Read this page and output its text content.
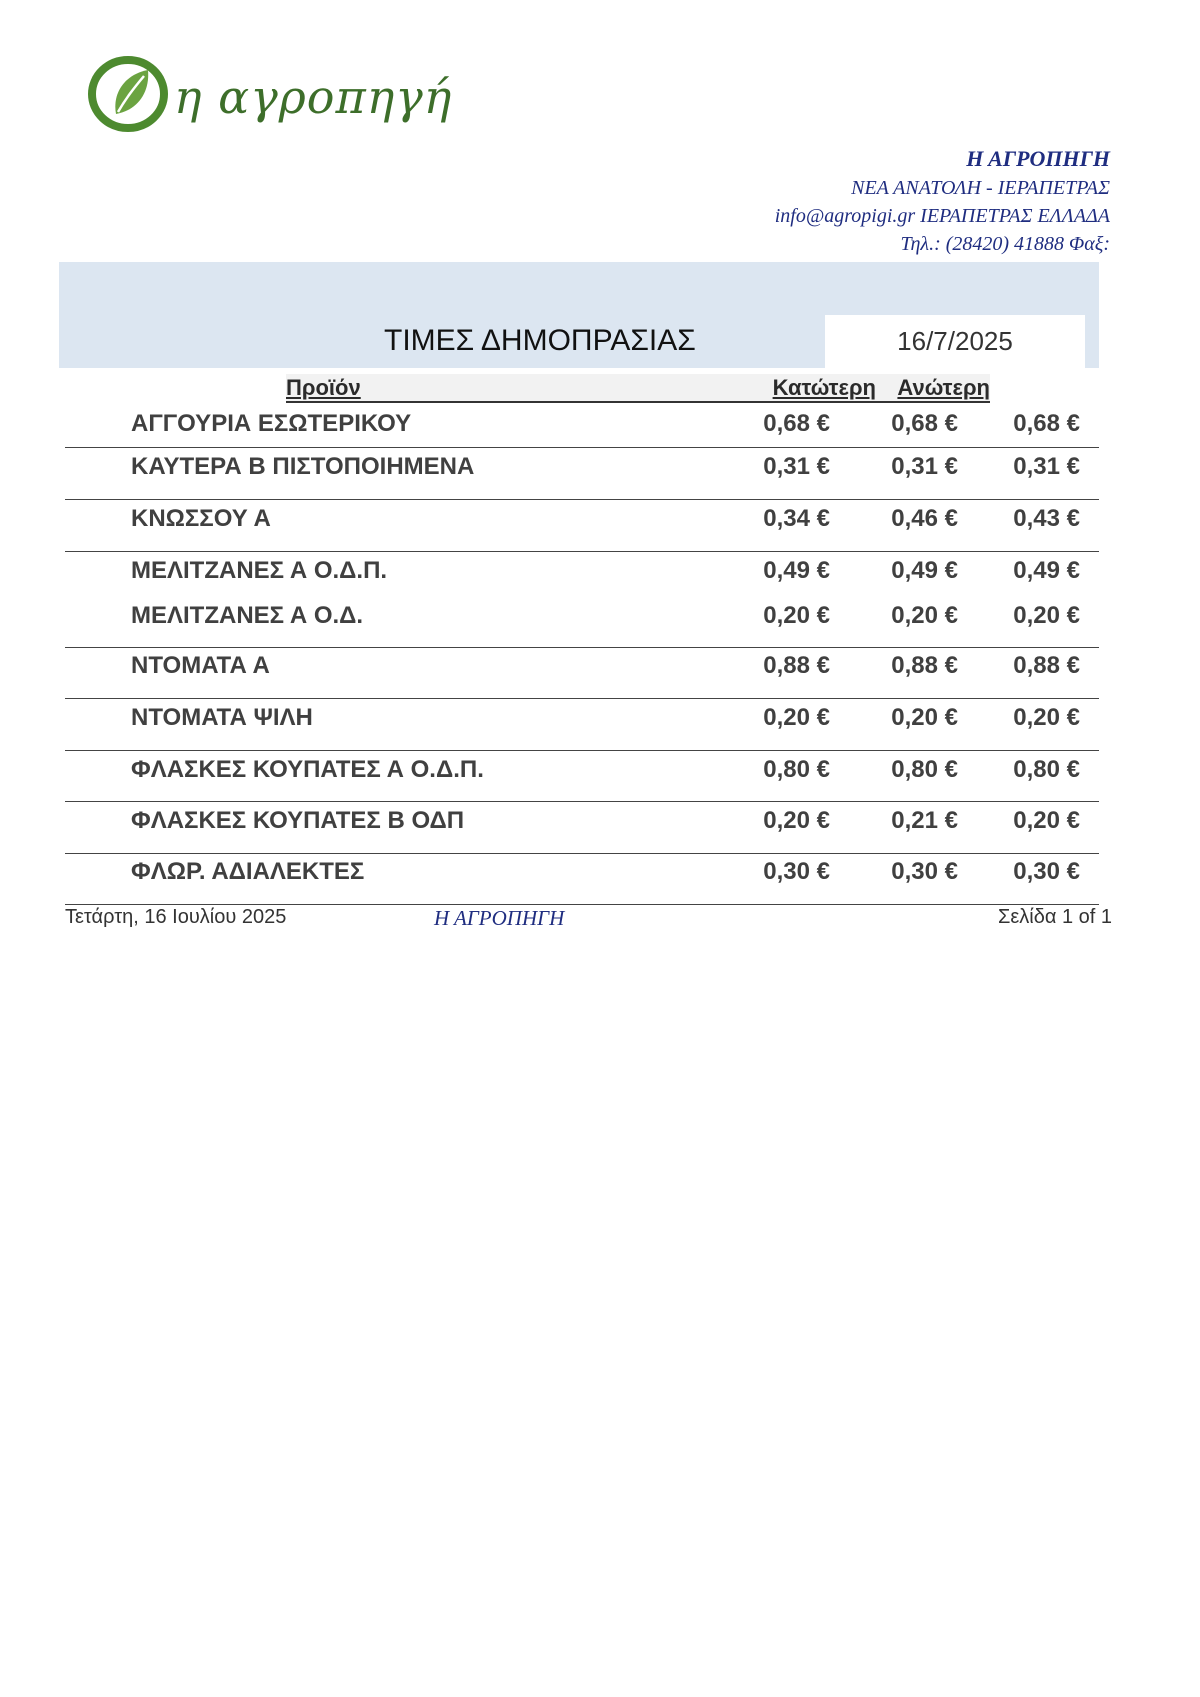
η αγροπηγή
Η ΑΓΡΟΠΗΓΗ
ΝΕΑ ΑΝΑΤΟΛΗ - ΙΕΡΑΠΕΤΡΑΣ
info@agropigi.gr ΙΕΡΑΠΕΤΡΑΣ ΕΛΛΑΔΑ
Τηλ.: (28420) 41888 Φαξ:
ΤΙΜΕΣ ΔΗΜΟΠΡΑΣΙΑΣ	16/7/2025
Προϊόν	Κατώτερη Ανώτερη
Τετάρτη, 16 Ιουλίου 2025	Η ΑΓΡΟΠΗΓΗ	Σελίδα 1 of 1
ΑΓΓΟΥΡΙΑ ΕΣΩΤΕΡΙΚΟΥ	0,68 €	0,68 €	0,68 €
ΚΑΥΤΕΡΑ Β ΠΙΣΤΟΠΟΙΗΜΕΝΑ	0,31 €	0,31 €	0,31 €
ΚΝΩΣΣΟΥ Α	0,34 €	0,46 €	0,43 €
ΜΕΛΙΤΖΑΝΕΣ Α Ο.Δ.Π.	0,49 €	0,49 €	0,49 €
ΜΕΛΙΤΖΑΝΕΣ Α Ο.Δ.	0,20 €	0,20 €	0,20 €
ΝΤΟΜΑΤΑ Α	0,88 €	0,88 €	0,88 €
ΝΤΟΜΑΤΑ ΨΙΛΗ	0,20 €	0,20 €	0,20 €
ΦΛΑΣΚΕΣ ΚΟΥΠΑΤΕΣ Α Ο.Δ.Π.	0,80 €	0,80 €	0,80 €
ΦΛΑΣΚΕΣ ΚΟΥΠΑΤΕΣ Β ΟΔΠ	0,20 €	0,21 €	0,20 €
ΦΛΩΡ. ΑΔΙΑΛΕΚΤΕΣ	0,30 €	0,30 €	0,30 €
